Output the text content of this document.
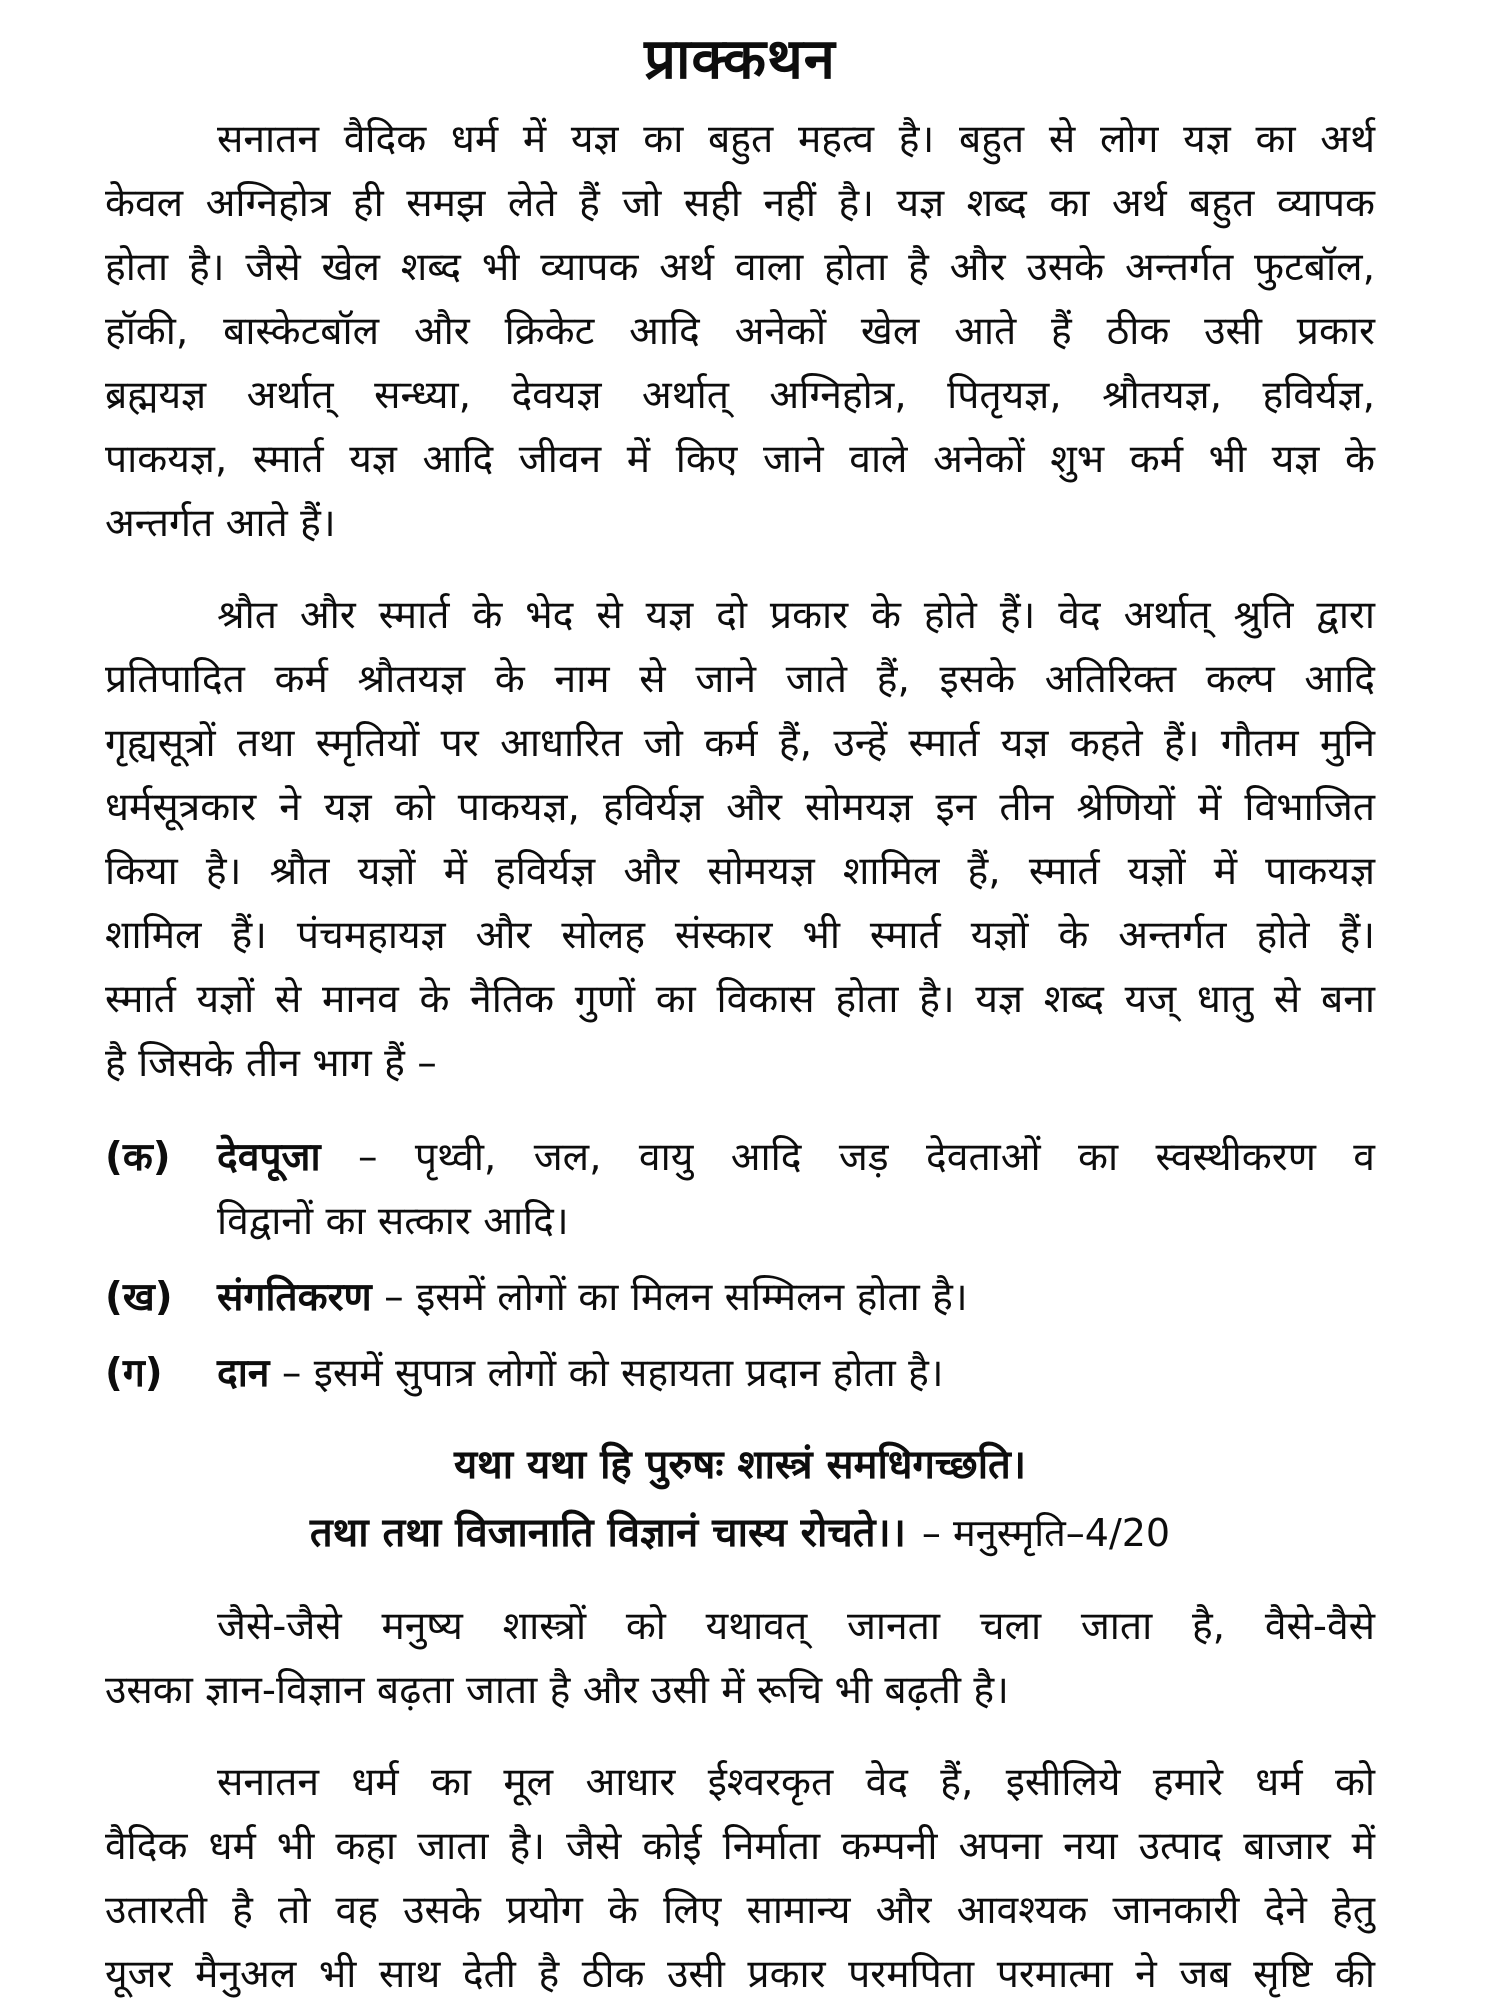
प्राक्कथन
सनातन वैदिक धर्म में यज्ञ का बहुत महत्व है। बहुत से लोग यज्ञ का अर्थ
केवल अग्निहोत्र ही समझ लेते हैं जो सही नहीं है। यज्ञ शब्द का अर्थ बहुत व्यापक
होता है। जैसे खेल शब्द भी व्यापक अर्थ वाला होता है और उसके अन्तर्गत फुटबॉल,
हॉकी, बास्केटबॉल और क्रिकेट आदि अनेकों खेल आते हैं ठीक उसी प्रकार
ब्रह्मयज्ञ अर्थात् सन्ध्या, देवयज्ञ अर्थात् अग्निहोत्र, पितृयज्ञ, श्रौतयज्ञ, हविर्यज्ञ,
पाकयज्ञ, स्मार्त यज्ञ आदि जीवन में किए जाने वाले अनेकों शुभ कर्म भी यज्ञ के
अन्तर्गत आते हैं।
श्रौत और स्मार्त के भेद से यज्ञ दो प्रकार के होते हैं। वेद अर्थात् श्रुति द्वारा
प्रतिपादित कर्म श्रौतयज्ञ के नाम से जाने जाते हैं, इसके अतिरिक्त कल्प आदि
गृह्यसूत्रों तथा स्मृतियों पर आधारित जो कर्म हैं, उन्हें स्मार्त यज्ञ कहते हैं। गौतम मुनि
धर्मसूत्रकार ने यज्ञ को पाकयज्ञ, हविर्यज्ञ और सोमयज्ञ इन तीन श्रेणियों में विभाजित
किया है। श्रौत यज्ञों में हविर्यज्ञ और सोमयज्ञ शामिल हैं, स्मार्त यज्ञों में पाकयज्ञ
शामिल हैं। पंचमहायज्ञ और सोलह संस्कार भी स्मार्त यज्ञों के अन्तर्गत होते हैं।
स्मार्त यज्ञों से मानव के नैतिक गुणों का विकास होता है। यज्ञ शब्द यज् धातु से बना
है जिसके तीन भाग हैं –
(क) देवपूजा – पृथ्वी, जल, वायु आदि जड़ देवताओं का स्वस्थीकरण व
विद्वानों का सत्कार आदि।
(ख) संगतिकरण – इसमें लोगों का मिलन सम्मिलन होता है।
(ग) दान – इसमें सुपात्र लोगों को सहायता प्रदान होता है।
यथा यथा हि पुरुषः शास्त्रं समधिगच्छति।
तथा तथा विजानाति विज्ञानं चास्य रोचते।। – मनुस्मृति–4/20
जैसे-जैसे मनुष्य शास्त्रों को यथावत् जानता चला जाता है, वैसे-वैसे
उसका ज्ञान-विज्ञान बढ़ता जाता है और उसी में रूचि भी बढ़ती है।
सनातन धर्म का मूल आधार ईश्वरकृत वेद हैं, इसीलिये हमारे धर्म को
वैदिक धर्म भी कहा जाता है। जैसे कोई निर्माता कम्पनी अपना नया उत्पाद बाजार में
उतारती है तो वह उसके प्रयोग के लिए सामान्य और आवश्यक जानकारी देने हेतु
यूजर मैनुअल भी साथ देती है ठीक उसी प्रकार परमपिता परमात्मा ने जब सृष्टि की
